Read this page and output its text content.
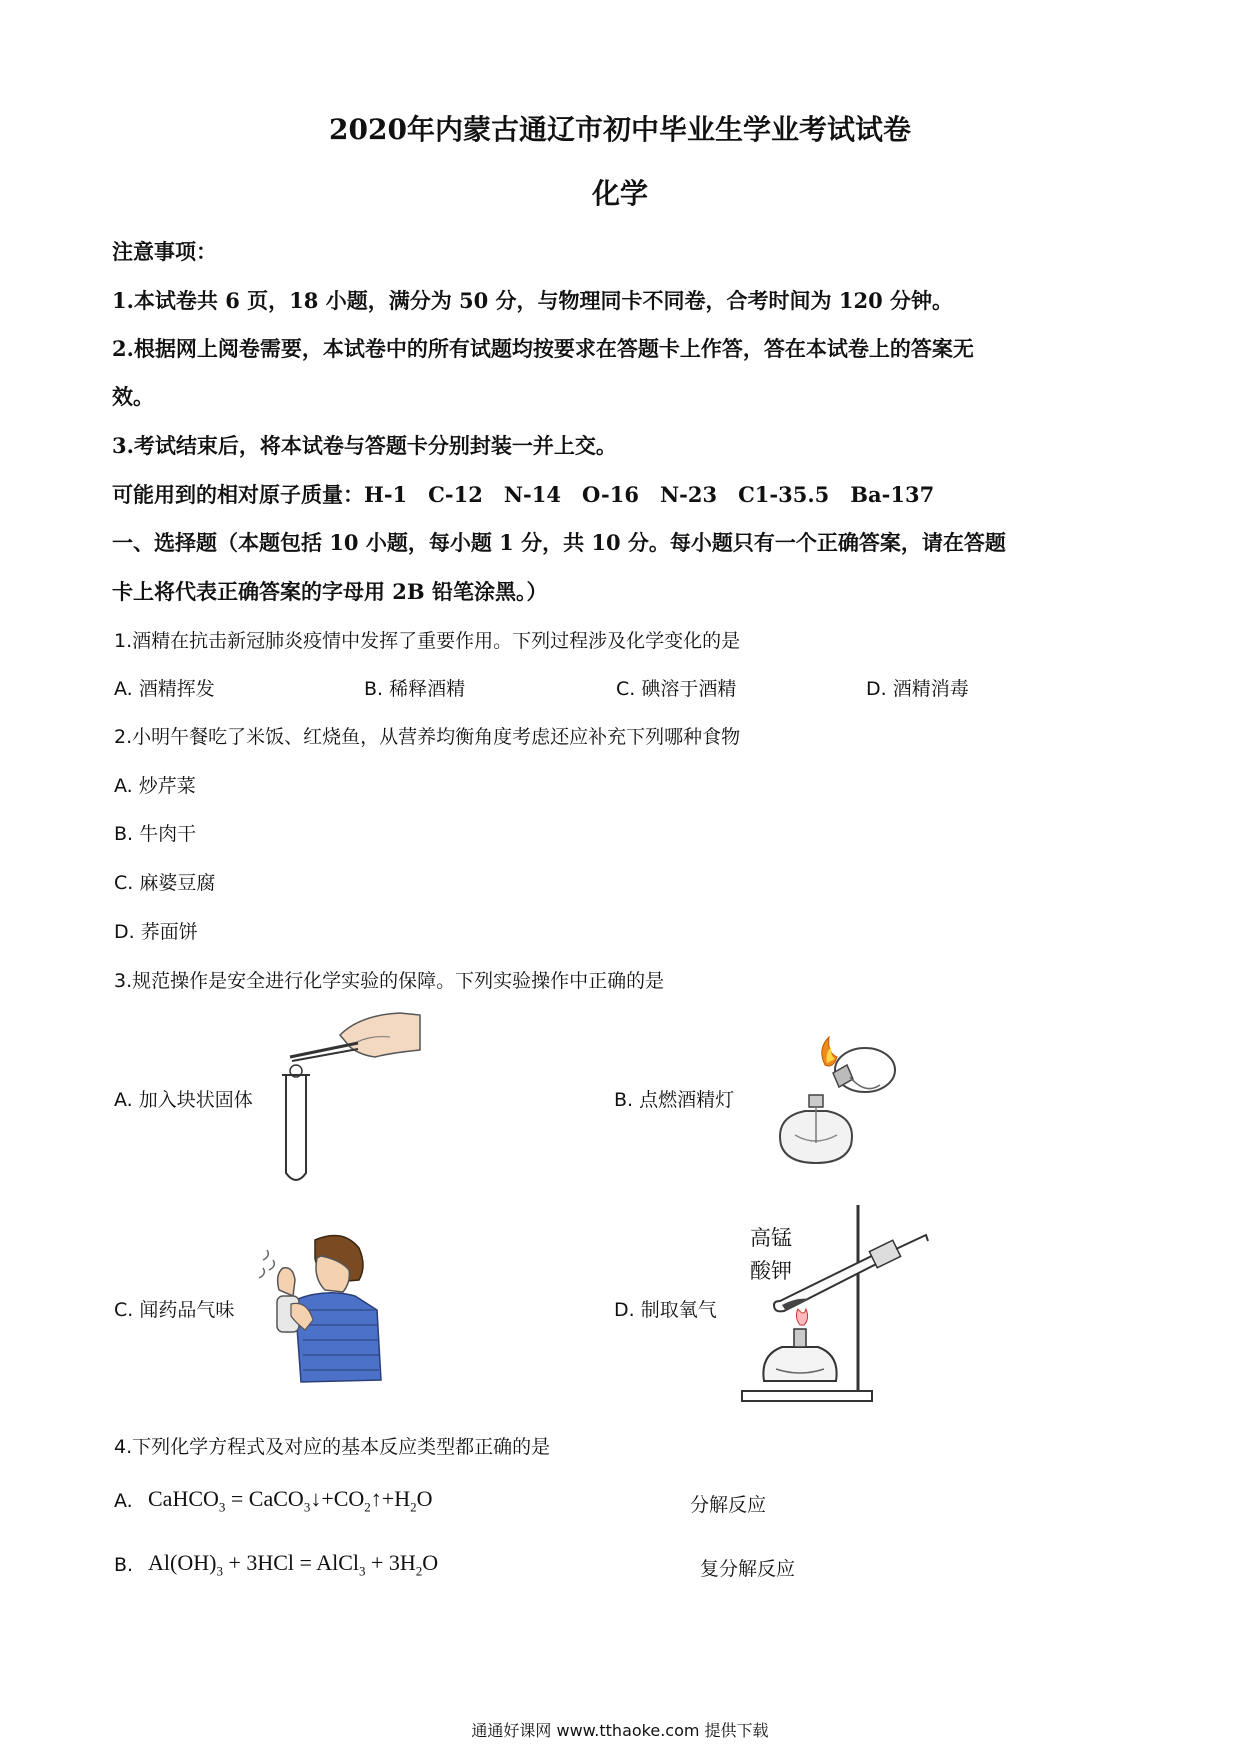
2020年内蒙古通辽市初中毕业生学业考试试卷
化学
注意事项：
1.本试卷共 6 页，18 小题，满分为 50 分，与物理同卡不同卷，合考时间为 120 分钟。
2.根据网上阅卷需要，本试卷中的所有试题均按要求在答题卡上作答，答在本试卷上的答案无
效。
3.考试结束后，将本试卷与答题卡分别封装一并上交。
可能用到的相对原子质量：H-1　C-12　N-14　O-16　N-23　C1-35.5　Ba-137
一、选择题（本题包括 10 小题，每小题 1 分，共 10 分。每小题只有一个正确答案，请在答题
卡上将代表正确答案的字母用 2B 铅笔涂黑。）
1.酒精在抗击新冠肺炎疫情中发挥了重要作用。下列过程涉及化学变化的是
A. 酒精挥发	B. 稀释酒精	C. 碘溶于酒精	D. 酒精消毒
2.小明午餐吃了米饭、红烧鱼，从营养均衡角度考虑还应补充下列哪种食物
A. 炒芹菜
B. 牛肉干
C. 麻婆豆腐
D. 荞面饼
3.规范操作是安全进行化学实验的保障。下列实验操作中正确的是
A. 加入块状固体	B. 点燃酒精灯
C. 闻药品气味	D. 制取氧气
高锰
酸钾
4.下列化学方程式及对应的基本反应类型都正确的是
A. CaHCO$_3$ = $CaCO_3↓+CO_2↑+H_2O$	分解反应
B. $Al(OH)_3 + 3HCl$ = AlCl$_3$ + $3H_2O$	复分解反应
通通好课网 www.tthaoke.com 提供下载
